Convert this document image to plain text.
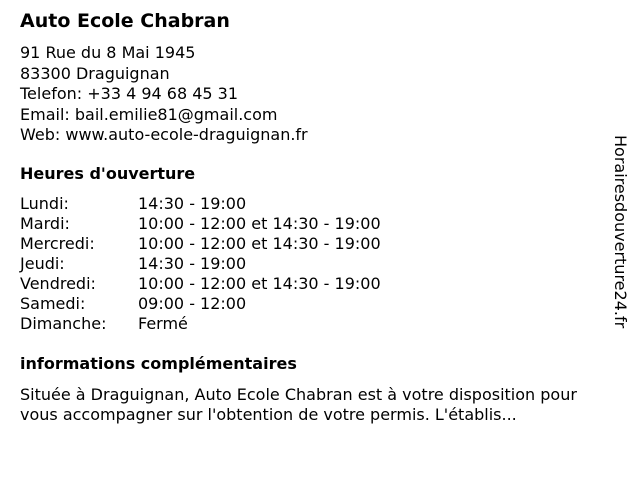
Auto Ecole Chabran
91 Rue du 8 Mai 1945
83300 Draguignan
Telefon: +33 4 94 68 45 31
Email: bail.emilie81@gmail.com
Web: www.auto-ecole-draguignan.fr
Heures d'ouverture
Lundi:	14:30 - 19:00
Mardi:	10:00 - 12:00 et 14:30 - 19:00
Mercredi:	10:00 - 12:00 et 14:30 - 19:00
Jeudi:	14:30 - 19:00
Vendredi:	10:00 - 12:00 et 14:30 - 19:00
Samedi:	09:00 - 12:00
Dimanche: Fermé
informations complémentaires
Située à Draguignan, Auto Ecole Chabran est à votre disposition pour
vous accompagner sur l'obtention de votre permis. L'établis...
Horairesdouverture24.fr
